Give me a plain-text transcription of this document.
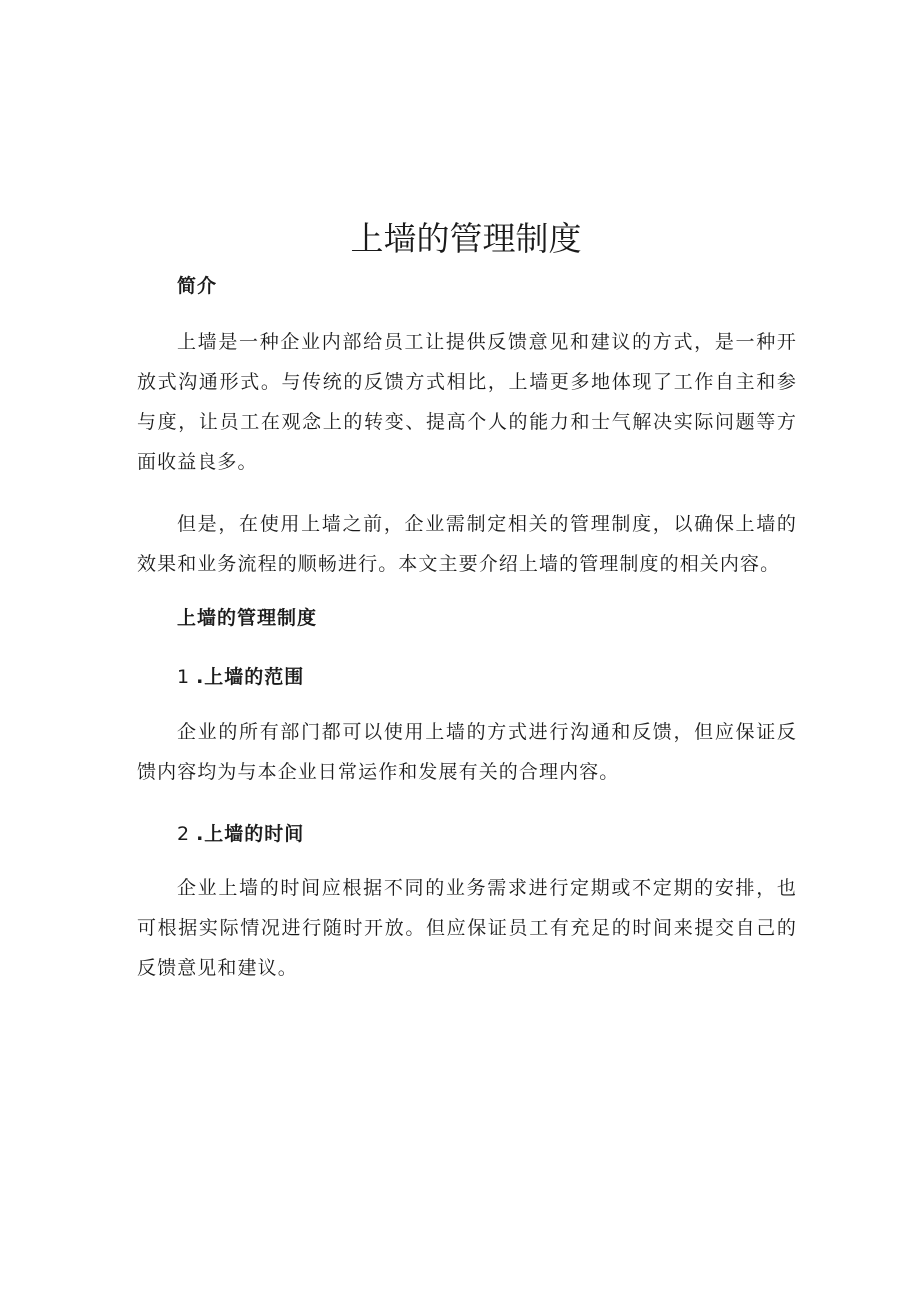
上墙的管理制度
简介

上墙是一种企业内部给员工让提供反馈意见和建议的方式，是一种开放式沟通形式。与传统的反馈方式相比，上墙更多地体现了工作自主和参与度，让员工在观念上的转变、提高个人的能力和士气解决实际问题等方面收益良多。

但是，在使用上墙之前，企业需制定相关的管理制度，以确保上墙的效果和业务流程的顺畅进行。本文主要介绍上墙的管理制度的相关内容。

上墙的管理制度
1 .上墙的范围

企业的所有部门都可以使用上墙的方式进行沟通和反馈，但应保证反馈内容均为与本企业日常运作和发展有关的合理内容。

2 .上墙的时间

企业上墙的时间应根据不同的业务需求进行定期或不定期的安排，也可根据实际情况进行随时开放。但应保证员工有充足的时间来提交自己的反馈意见和建议。
